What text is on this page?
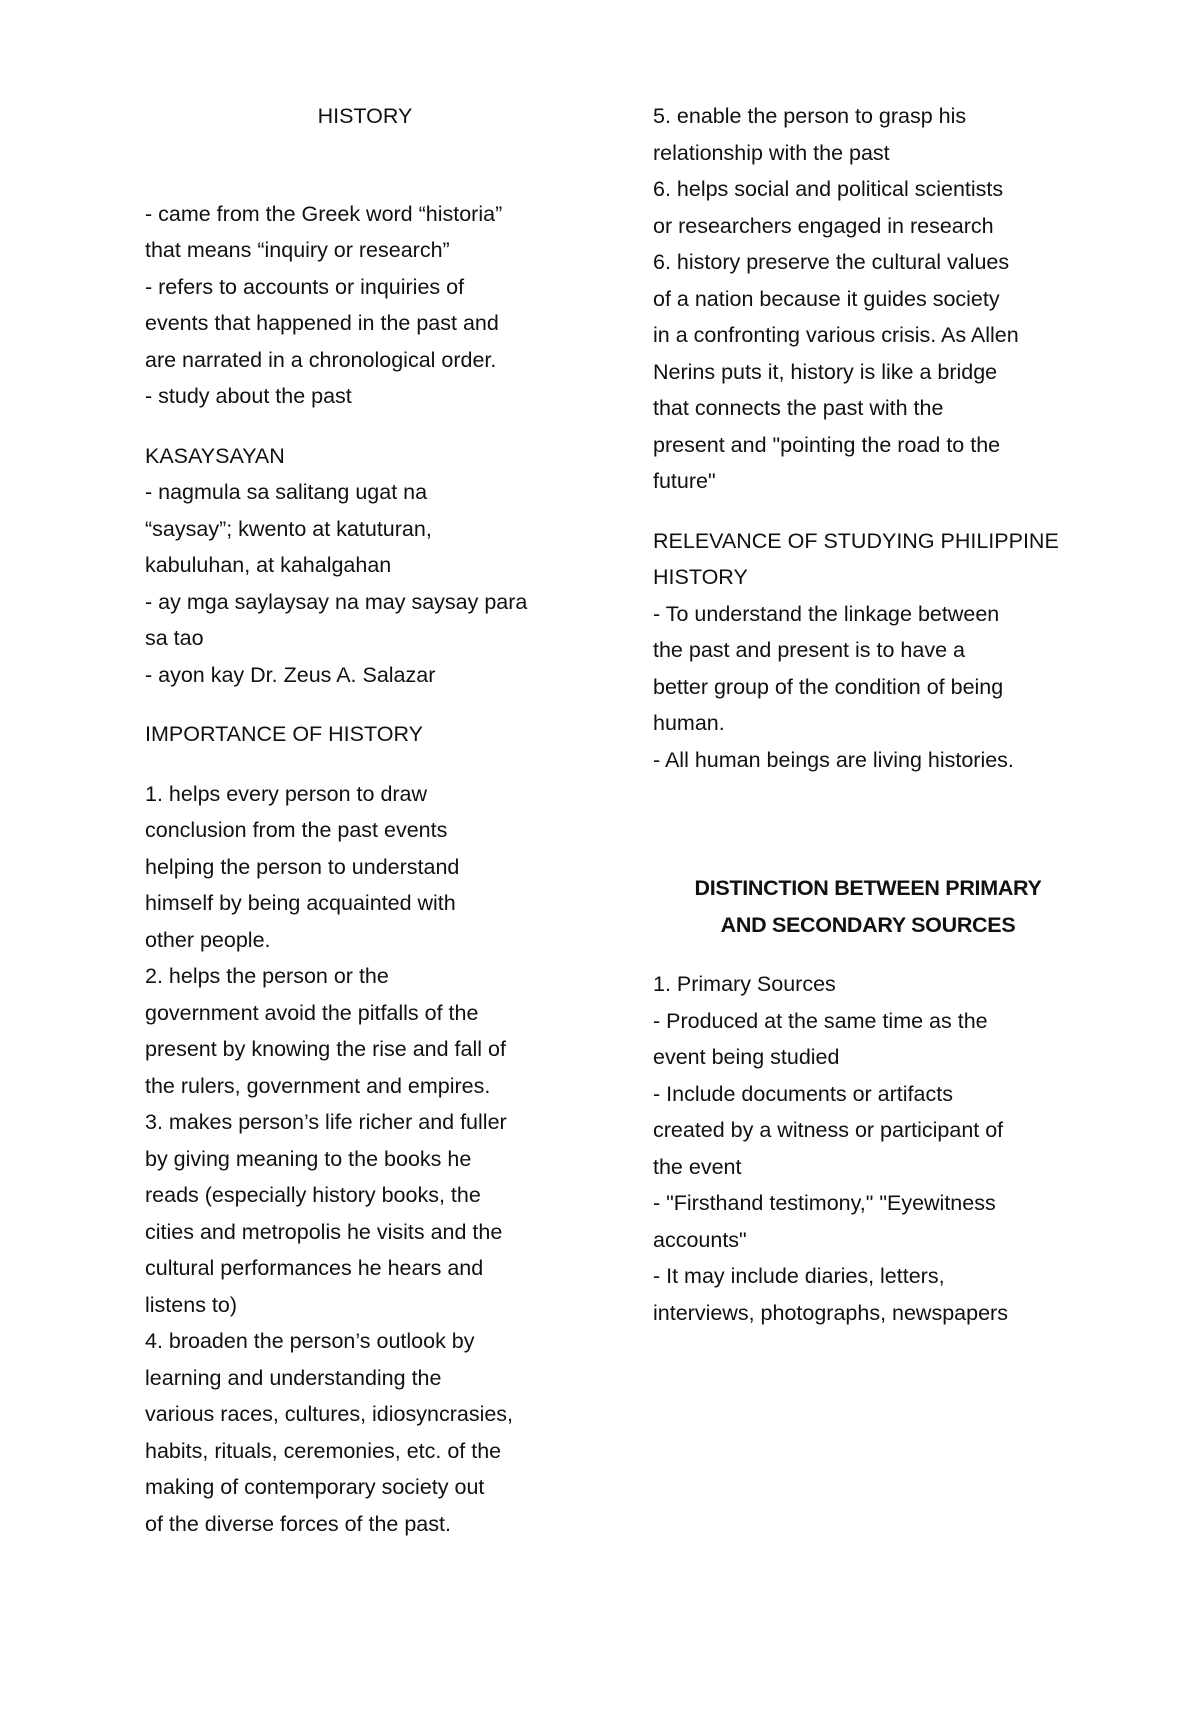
HISTORY
- came from the Greek word “historia”
that means “inquiry or research”
- refers to accounts or inquiries of
events that happened in the past and
are narrated in a chronological order.
- study about the past
KASAYSAYAN
- nagmula sa salitang ugat na
“saysay”; kwento at katuturan,
kabuluhan, at kahalgahan
- ay mga saylaysay na may saysay para
sa tao
- ayon kay Dr. Zeus A. Salazar
IMPORTANCE OF HISTORY
1. helps every person to draw
conclusion from the past events
helping the person to understand
himself by being acquainted with
other people.
2. helps the person or the
government avoid the pitfalls of the
present by knowing the rise and fall of
the rulers, government and empires.
3. makes person’s life richer and fuller
by giving meaning to the books he
reads (especially history books, the
cities and metropolis he visits and the
cultural performances he hears and
listens to)
4. broaden the person’s outlook by
learning and understanding the
various races, cultures, idiosyncrasies,
habits, rituals, ceremonies, etc. of the
making of contemporary society out
of the diverse forces of the past.
5. enable the person to grasp his
relationship with the past
6. helps social and political scientists
or researchers engaged in research
6. history preserve the cultural values
of a nation because it guides society
in a confronting various crisis. As Allen
Nerins puts it, history is like a bridge
that connects the past with the
present and "pointing the road to the
future"
RELEVANCE OF STUDYING PHILIPPINE
HISTORY
- To understand the linkage between
the past and present is to have a
better group of the condition of being
human.
- All human beings are living histories.
DISTINCTION BETWEEN PRIMARY
AND SECONDARY SOURCES
1. Primary Sources
- Produced at the same time as the
event being studied
- Include documents or artifacts
created by a witness or participant of
the event
- "Firsthand testimony," "Eyewitness
accounts"
- It may include diaries, letters,
interviews, photographs, newspapers
